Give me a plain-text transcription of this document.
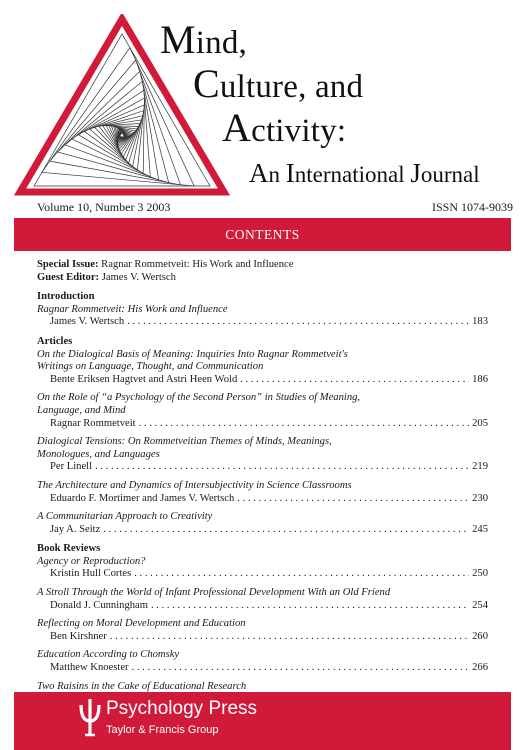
Mind,
Culture, and
Activity:
An International Journal
Volume 10, Number 3 2003	ISSN 1074-9039
CONTENTS
Special Issue: Ragnar Rommetveit: His Work and Influence
Guest Editor: James V. Wertsch
Introduction
Ragnar Rommetveit: His Work and Influence
James V. Wertsch . . .	183
Articles
On the Dialogical Basis of Meaning: Inquiries Into Ragnar Rommetveit's
Writings on Language, Thought, and Communication
Bente Eriksen Hagtvet and Astri Heen Wold . . .	186
On the Role of “a Psychology of the Second Person” in Studies of Meaning,
Language, and Mind
Ragnar Rommetveit . . .	205
Dialogical Tensions: On Rommetveitian Themes of Minds, Meanings,
Monologues, and Languages
Per Linell . . .	219
The Architecture and Dynamics of Intersubjectivity in Science Classrooms
Eduardo F. Mortimer and James V. Wertsch . . .	230
A Communitarian Approach to Creativity
Jay A. Seitz . . .	245
Book Reviews
Agency or Reproduction?
Kristin Hull Cortes . . .	250
A Stroll Through the World of Infant Professional Development With an Old Friend
Donald J. Cunningham . . .	254
Reflecting on Moral Development and Education
Ben Kirshner . . .	260
Education According to Chomsky
Matthew Knoester . . .	266
Two Raisins in the Cake of Educational Research
. . .
Psychology Press
Taylor & Francis Group
